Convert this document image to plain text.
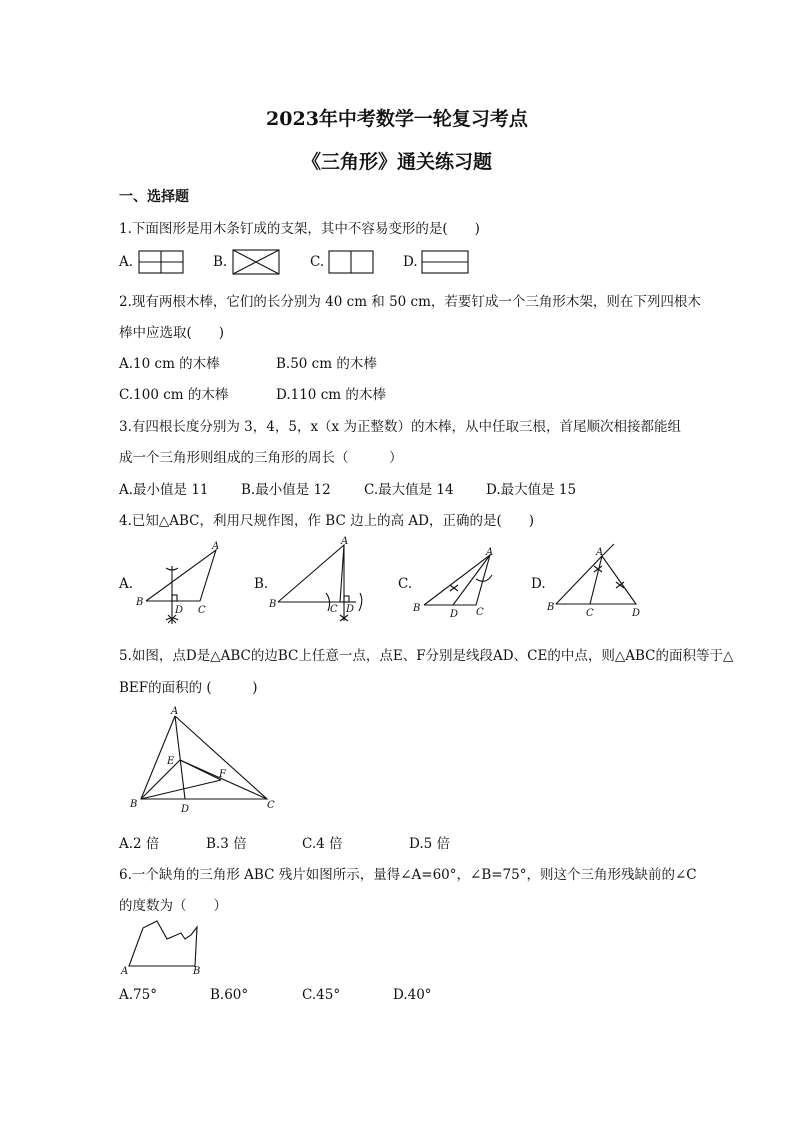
2023年中考数学一轮复习考点
《三角形》通关练习题
一、选择题
1.下面图形是用木条钉成的支架，其中不容易变形的是(　　)
A.	B.	C.	D.
2.现有两根木棒，它们的长分别为 40 cm 和 50 cm，若要钉成一个三角形木架，则在下列四根木
棒中应选取(　　)
A.10 cm 的木棒	B.50 cm 的木棒
C.100 cm 的木棒	D.110 cm 的木棒
3.有四根长度分别为 3，4，5，x（x 为正整数）的木棒，从中任取三根，首尾顺次相接都能组
成一个三角形则组成的三角形的周长（　　　）
A.最小值是 11 B.最小值是 12 C.最大值是 14 D.最大值是 15
4.已知△ABC，利用尺规作图，作 BC 边上的高 AD，正确的是(　　)
A.
A
B
C
D
B.
A
B	C D
C.
A
B	C
D
D.
A
B
C	D
5.如图，点D是△ABC的边BC上任意一点，点E、F分别是线段AD、CE的中点，则△ABC的面积等于△
BEF的面积的 (　　　)
A
B	C
D
E
F
A.2 倍	B.3 倍	C.4 倍	D.5 倍
6.一个缺角的三角形 ABC 残片如图所示，量得∠A=60°，∠B=75°，则这个三角形残缺前的∠C
的度数为（　　）
A	B
A.75°	B.60°	C.45°	D.40°
